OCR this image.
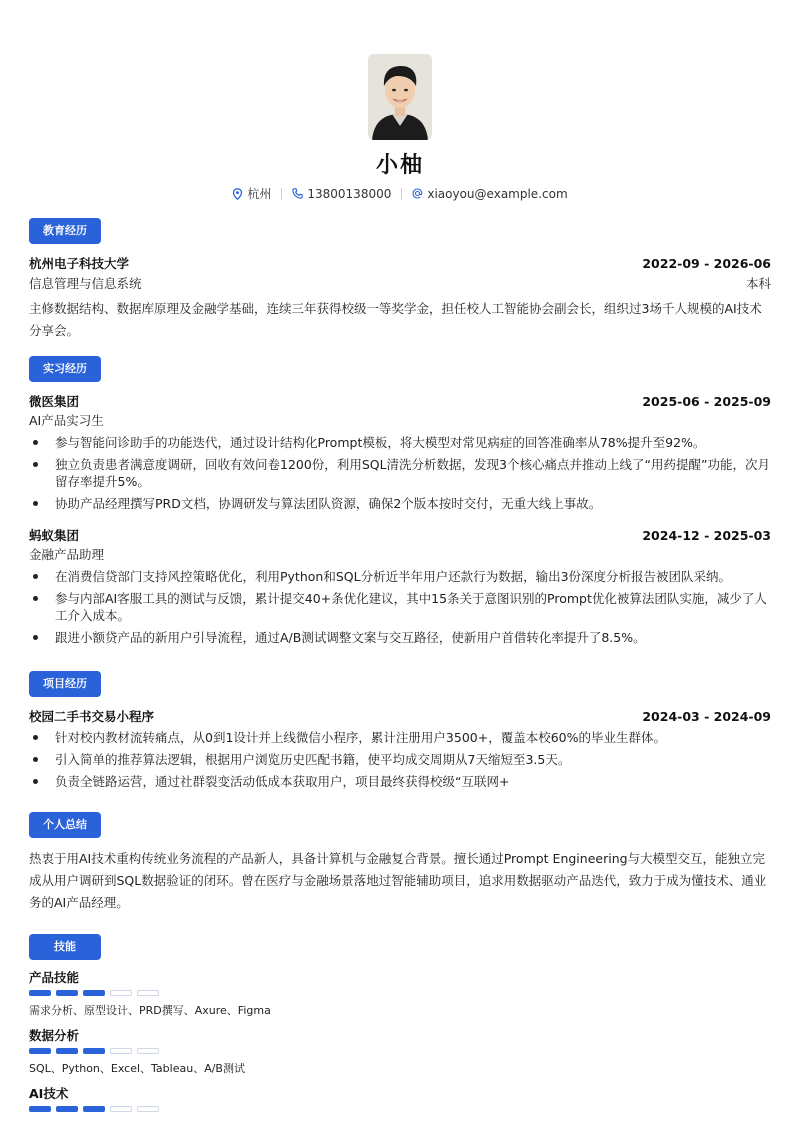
小柚
杭州	13800138000	xiaoyou@example.com
教育经历
杭州电子科技大学	2022-09 - 2026-06
信息管理与信息系统	本科
主修数据结构、数据库原理及金融学基础，连续三年获得校级一等奖学金，担任校人工智能协会副会长，组织过3场千人规模的AI技术分享会。
实习经历
微医集团	2025-06 - 2025-09
AI产品实习生
参与智能问诊助手的功能迭代，通过设计结构化Prompt模板，将大模型对常见病症的回答准确率从78%提升至92%。
独立负责患者满意度调研，回收有效问卷1200份，利用SQL清洗分析数据，发现3个核心痛点并推动上线了“用药提醒”功能，次月留存率提升5%。
协助产品经理撰写PRD文档，协调研发与算法团队资源，确保2个版本按时交付，无重大线上事故。
蚂蚁集团	2024-12 - 2025-03
金融产品助理
在消费信贷部门支持风控策略优化，利用Python和SQL分析近半年用户还款行为数据，输出3份深度分析报告被团队采纳。
参与内部AI客服工具的测试与反馈，累计提交40+条优化建议，其中15条关于意图识别的Prompt优化被算法团队实施，减少了人工介入成本。
跟进小额贷产品的新用户引导流程，通过A/B测试调整文案与交互路径，使新用户首借转化率提升了8.5%。
项目经历
校园二手书交易小程序	2024-03 - 2024-09
针对校内教材流转痛点，从0到1设计并上线微信小程序，累计注册用户3500+，覆盖本校60%的毕业生群体。
引入简单的推荐算法逻辑，根据用户浏览历史匹配书籍，使平均成交周期从7天缩短至3.5天。
负责全链路运营，通过社群裂变活动低成本获取用户，项目最终获得校级“互联网+
个人总结
热衷于用AI技术重构传统业务流程的产品新人，具备计算机与金融复合背景。擅长通过Prompt Engineering与大模型交互，能独立完成从用户调研到SQL数据验证的闭环。曾在医疗与金融场景落地过智能辅助项目，追求用数据驱动产品迭代，致力于成为懂技术、通业务的AI产品经理。
技能
产品技能
需求分析、原型设计、PRD撰写、Axure、Figma
数据分析
SQL、Python、Excel、Tableau、A/B测试
AI技术
